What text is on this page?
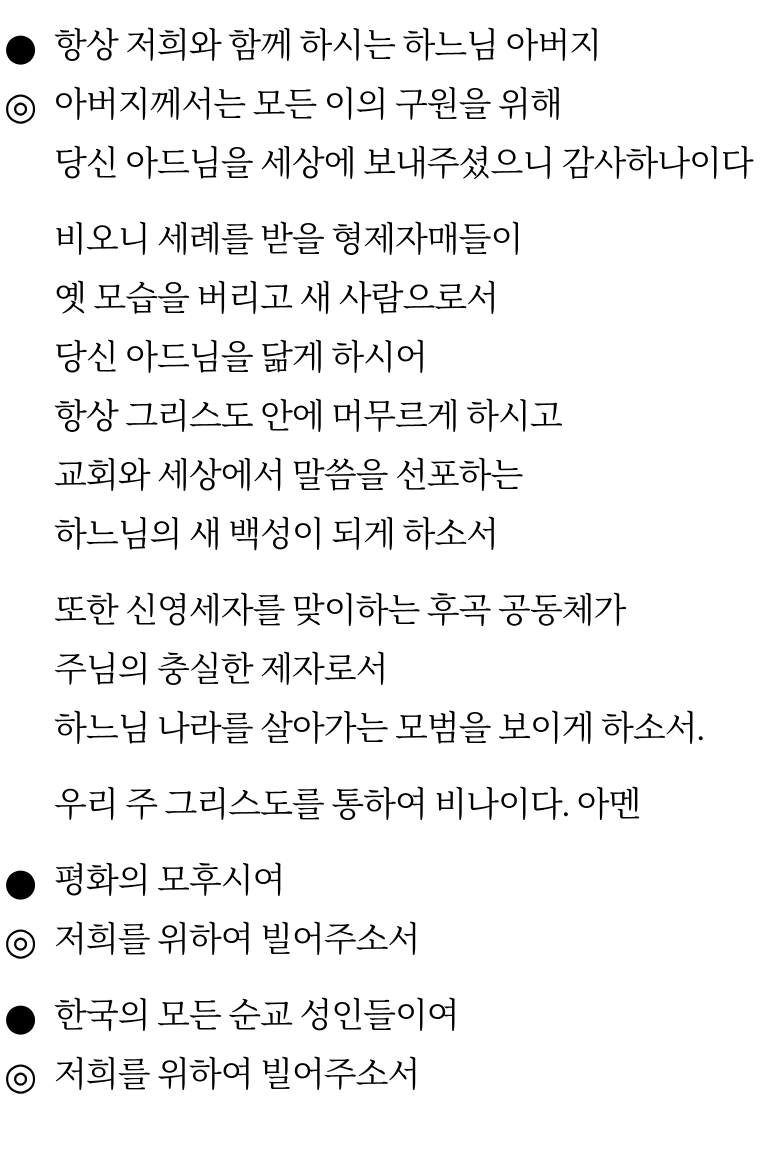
● 항상 저희와 함께 하시는 하느님 아버지
◎ 아버지께서는 모든 이의 구원을 위해
당신 아드님을 세상에 보내주셨으니 감사하나이다
비오니 세례를 받을 형제자매들이
옛 모습을 버리고 새 사람으로서
당신 아드님을 닮게 하시어
항상 그리스도 안에 머무르게 하시고
교회와 세상에서 말씀을 선포하는
하느님의 새 백성이 되게 하소서
또한 신영세자를 맞이하는 후곡 공동체가
주님의 충실한 제자로서
하느님 나라를 살아가는 모범을 보이게 하소서.
우리 주 그리스도를 통하여 비나이다. 아멘
● 평화의 모후시여
◎ 저희를 위하여 빌어주소서
● 한국의 모든 순교 성인들이여
◎ 저희를 위하여 빌어주소서
